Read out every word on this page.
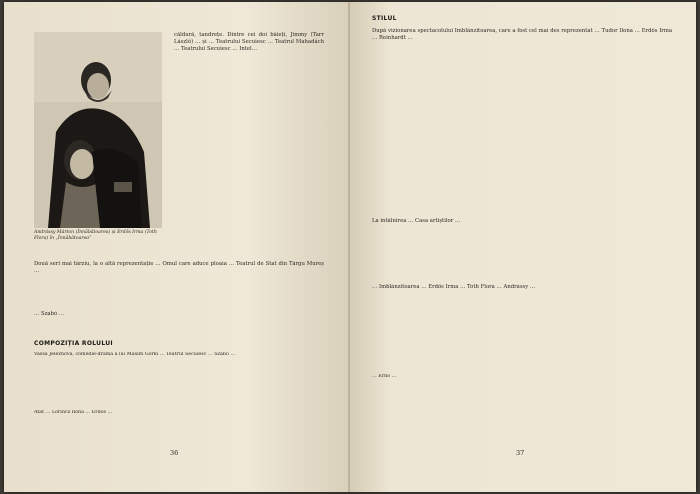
Andrássy Márton (Înnăbătoarea) și Erdős Irma (Toth Flora) în „Înnăbătoarea”

căldură, tandrețe. Dintre cei doi băieți, Jimmy (Tarr László) … și … Teatrului Secuiesc … Teatrul Mahadách … Teatrului Secuiesc … Intel…

Două seri mai târziu, la o altă reprezentație … Omul care aduce ploaia … Teatrul de Stat din Târgu Mureș …

… Szabó …

COMPOZIȚIA ROLULUI

Vassa Jeleznova, comedie-dramă a lui Maxim Gorki … Teatrul Secuiesc … Szabó …

Atât … Lőrincz Ilona … Erdős …

36
STILUL

După vizionarea spectacolului Îmblânzitoarea, care a fost cel mai des reprezentat … Tudor Ilona … Erdős Irma … Reinhardt …

La întâlnirea … Casa artiștilor …

… Îmblânzitoarea … Erdős Irma … Toth Flora … Andrássy …

… Ernő …

37
